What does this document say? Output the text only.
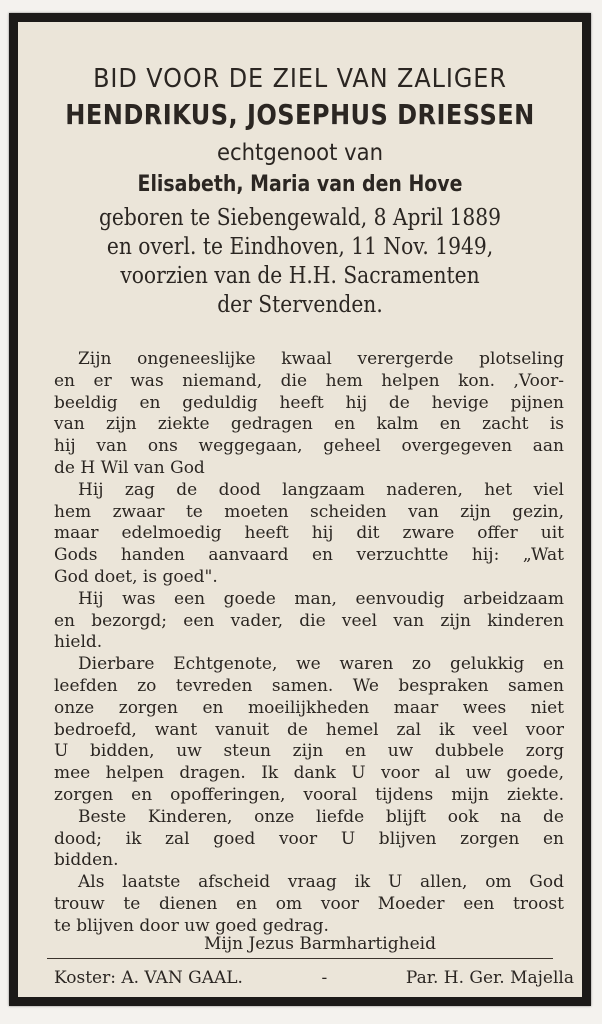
BID VOOR DE ZIEL VAN ZALIGER
HENDRIKUS, JOSEPHUS DRIESSEN
echtgenoot van
Elisabeth, Maria van den Hove
geboren te Siebengewald, 8 April 1889
en overl. te Eindhoven, 11 Nov. 1949,
voorzien van de H.H. Sacramenten
der Stervenden.
Zijn ongeneeslijke kwaal verergerde plotseling
en er was niemand, die hem helpen kon. ,Voor-
beeldig en geduldig heeft hij de hevige pijnen
van zijn ziekte gedragen en kalm en zacht is
hij van ons weggegaan, geheel overgegeven aan
de H Wil van God
Hij zag de dood langzaam naderen, het viel
hem zwaar te moeten scheiden van zijn gezin,
maar edelmoedig heeft hij dit zware offer uit
Gods handen aanvaard en verzuchtte hij: „Wat
God doet, is goed".
Hij was een goede man, eenvoudig arbeidzaam
en bezorgd; een vader, die veel van zijn kinderen
hield.
Dierbare Echtgenote, we waren zo gelukkig en
leefden zo tevreden samen. We bespraken samen
onze zorgen en moeilijkheden maar wees niet
bedroefd, want vanuit de hemel zal ik veel voor
U bidden, uw steun zijn en uw dubbele zorg
mee helpen dragen. Ik dank U voor al uw goede,
zorgen en opofferingen, vooral tijdens mijn ziekte.
Beste Kinderen, onze liefde blijft ook na de
dood; ik zal goed voor U blijven zorgen en
bidden.
Als laatste afscheid vraag ik U allen, om God
trouw te dienen en om voor Moeder een troost
te blijven door uw goed gedrag.
Mijn Jezus Barmhartigheid
Koster: A. VAN GAAL.	-	Par. H. Ger. Majella
